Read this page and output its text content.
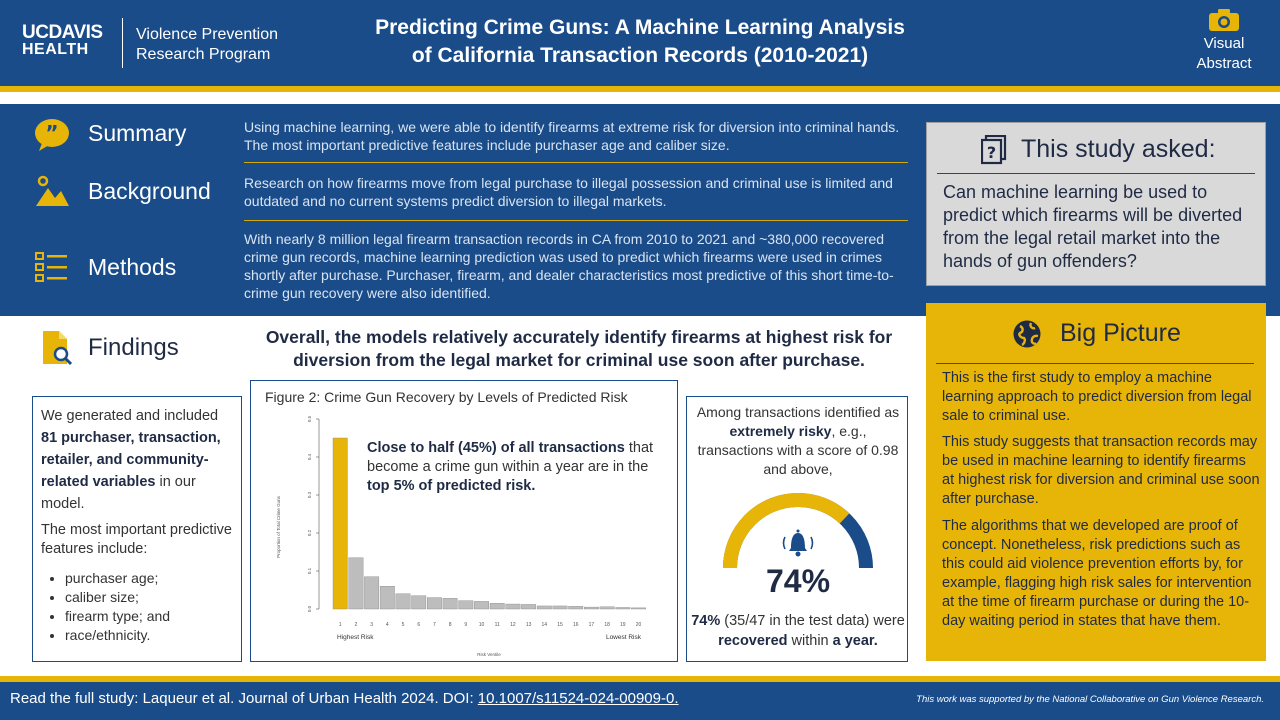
UCDAVIS
HEALTH
Violence Prevention
Research Program
Predicting Crime Guns: A Machine Learning Analysis
of California Transaction Records (2010-2021)
Visual
Abstract
” Summary	Using machine learning, we were able to identify firearms at extreme risk for diversion into criminal hands. The most important predictive features include purchaser age and caliber size.
Background Research on how firearms move from legal purchase to illegal possession and criminal use is limited and outdated and no current systems predict diversion to illegal markets.
Methods
With nearly 8 million legal firearm transaction records in CA from 2010 to 2021 and ~380,000 recovered crime gun records, machine learning prediction was used to predict which firearms were used in crimes shortly after purchase. Purchaser, firearm, and dealer characteristics most predictive of this short time-to-crime gun recovery were also identified.
? This study asked:
Can machine learning be used to predict which firearms will be diverted from the legal retail market into the hands of gun offenders?
Big Picture

This is the first study to employ a machine learning approach to predict diversion from legal sale to criminal use.

This study suggests that transaction records may be used in machine learning to identify firearms at highest risk for diversion and criminal use soon after purchase.

The algorithms that we developed are proof of concept. Nonetheless, risk predictions such as this could aid violence prevention efforts by, for example, flagging high risk sales for intervention at the time of firearm purchase or during the 10-day waiting period in states that have them.

Findings	Overall, the models relatively accurately identify firearms at highest risk for diversion from the legal market for criminal use soon after purchase.

We generated and included 81 purchaser, transaction, retailer, and community-related variables in our model.

The most important predictive features include:

• purchaser age;
• caliber size;
• firearm type; and
• race/ethnicity.
Figure 2: Crime Gun Recovery by Levels of Predicted Risk
0.0
0.1
0.2
0.3
0.4
0.5
1	2	3	4	5	6	7	8	9 10 11 12 13 14 15 16 17 18 19 20
Highest Risk	Lowest Risk
Risk Ventile
Proportion of Total Crime Guns
Close to half (45%) of all transactions that become a crime gun within a year are in the top 5% of predicted risk.
Among transactions identified as extremely risky, e.g., transactions with a score of 0.98 and above,
74%
74% (35/47 in the test data) were recovered within a year.
Read the full study: Laqueur et al. Journal of Urban Health 2024. DOI: 10.1007/s11524-024-00909-0.	This work was supported by the National Collaborative on Gun Violence Research.
